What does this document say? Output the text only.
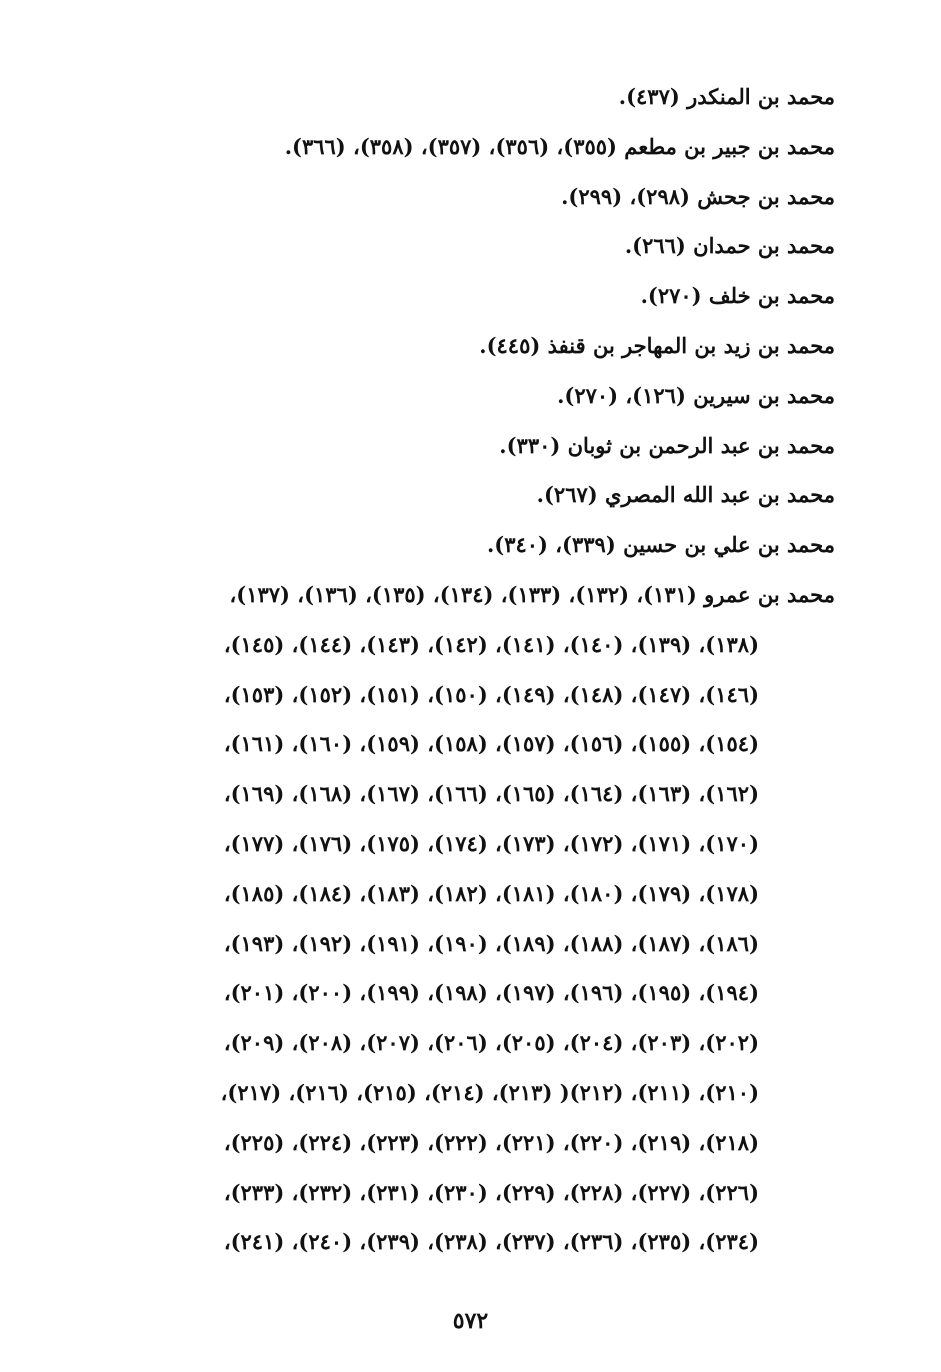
محمد بن المنكدر (٤٣٧).
محمد بن جبير بن مطعم (٣٥٥)، (٣٥٦)، (٣٥٧)، (٣٥٨)، (٣٦٦).
محمد بن جحش (٢٩٨)، (٢٩٩).
محمد بن حمدان (٢٦٦).
محمد بن خلف (٢٧٠).
محمد بن زيد بن المهاجر بن قنفذ (٤٤٥).
محمد بن سيرين (١٢٦)، (٢٧٠).
محمد بن عبد الرحمن بن ثوبان (٣٣٠).
محمد بن عبد الله المصري (٢٦٧).
محمد بن علي بن حسين (٣٣٩)، (٣٤٠).
محمد بن عمرو (١٣١)، (١٣٢)، (١٣٣)، (١٣٤)، (١٣٥)، (١٣٦)، (١٣٧)،
(١٣٨)، (١٣٩)، (١٤٠)، (١٤١)، (١٤٢)، (١٤٣)، (١٤٤)، (١٤٥)،
(١٤٦)، (١٤٧)، (١٤٨)، (١٤٩)، (١٥٠)، (١٥١)، (١٥٢)، (١٥٣)،
(١٥٤)، (١٥٥)، (١٥٦)، (١٥٧)، (١٥٨)، (١٥٩)، (١٦٠)، (١٦١)،
(١٦٢)، (١٦٣)، (١٦٤)، (١٦٥)، (١٦٦)، (١٦٧)، (١٦٨)، (١٦٩)،
(١٧٠)، (١٧١)، (١٧٢)، (١٧٣)، (١٧٤)، (١٧٥)، (١٧٦)، (١٧٧)،
(١٧٨)، (١٧٩)، (١٨٠)، (١٨١)، (١٨٢)، (١٨٣)، (١٨٤)، (١٨٥)،
(١٨٦)، (١٨٧)، (١٨٨)، (١٨٩)، (١٩٠)، (١٩١)، (١٩٢)، (١٩٣)،
(١٩٤)، (١٩٥)، (١٩٦)، (١٩٧)، (١٩٨)، (١٩٩)، (٢٠٠)، (٢٠١)،
(٢٠٢)، (٢٠٣)، (٢٠٤)، (٢٠٥)، (٢٠٦)، (٢٠٧)، (٢٠٨)، (٢٠٩)،
(٢١٠)، (٢١١)، (٢١٢)( (٢١٣)، (٢١٤)، (٢١٥)، (٢١٦)، (٢١٧)،
(٢١٨)، (٢١٩)، (٢٢٠)، (٢٢١)، (٢٢٢)، (٢٢٣)، (٢٢٤)، (٢٢٥)،
(٢٢٦)، (٢٢٧)، (٢٢٨)، (٢٢٩)، (٢٣٠)، (٢٣١)، (٢٣٢)، (٢٣٣)،
(٢٣٤)، (٢٣٥)، (٢٣٦)، (٢٣٧)، (٢٣٨)، (٢٣٩)، (٢٤٠)، (٢٤١)،
٥٧٢
